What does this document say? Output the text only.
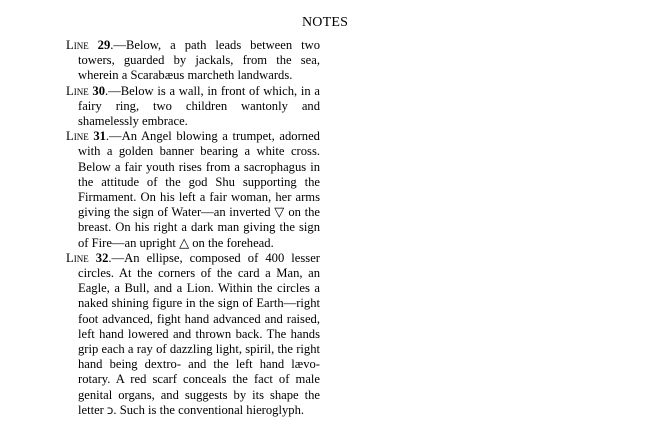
NOTES

Line 29.—Below, a path leads between two towers, guarded by jackals, from the sea, wherein a Scarabæus marcheth landwards.

Line 30.—Below is a wall, in front of which, in a fairy ring, two children wantonly and shamelessly embrace.

Line 31.—An Angel blowing a trumpet, adorned with a golden banner bearing a white cross. Below a fair youth rises from a sacrophagus in the attitude of the god Shu supporting the Firmament. On his left a fair woman, her arms giving the sign of Water—an inverted ▽ on the breast. On his right a dark man giving the sign of Fire—an upright △ on the forehead.

Line 32.—An ellipse, composed of 400 lesser circles. At the corners of the card a Man, an Eagle, a Bull, and a Lion. Within the circles a naked shining figure in the sign of Earth—right foot advanced, fight hand advanced and raised, left hand lowered and thrown back. The hands grip each a ray of dazzling light, spiril, the right hand being dextro- and the left hand lævo-rotary. A red scarf conceals the fact of male genital organs, and suggests by its shape the letter כ. Such is the conventional hieroglyph.
